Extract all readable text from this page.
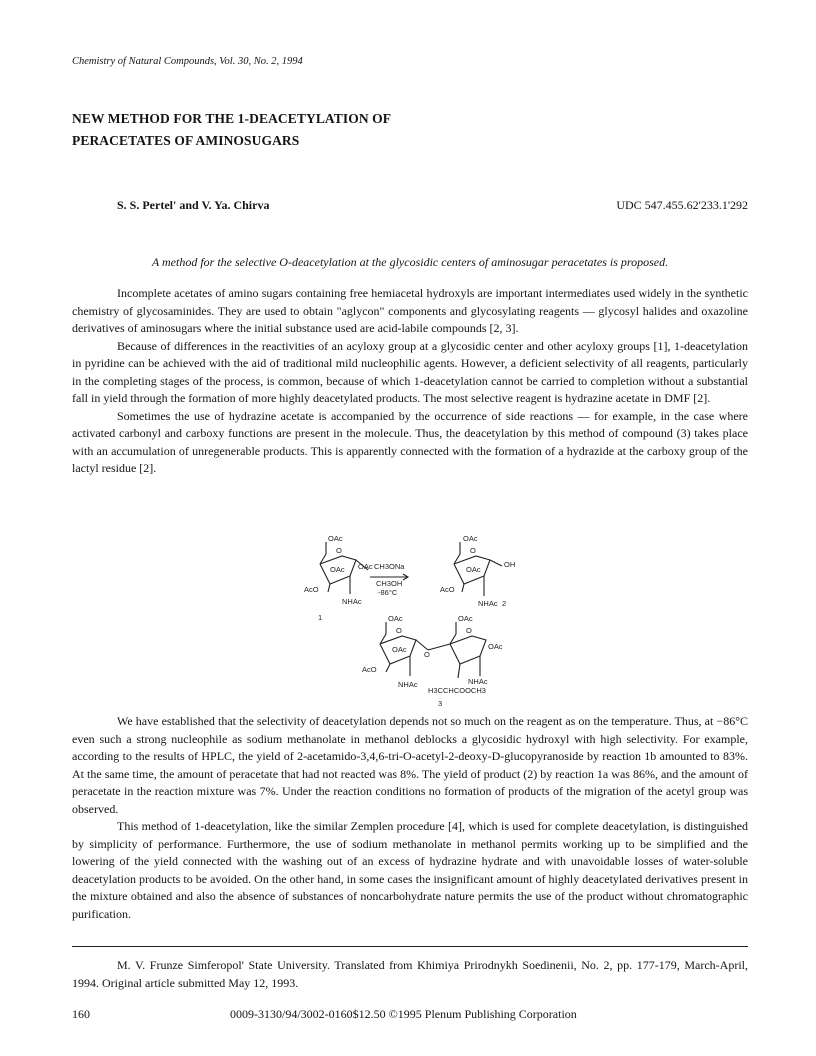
Chemistry of Natural Compounds, Vol. 30, No. 2, 1994
NEW METHOD FOR THE 1-DEACETYLATION OF
PERACETATES OF AMINOSUGARS
S. S. Pertel' and V. Ya. Chirva	UDC 547.455.62'233.1'292
A method for the selective O-deacetylation at the glycosidic centers of aminosugar peracetates is proposed.

Incomplete acetates of amino sugars containing free hemiacetal hydroxyls are important intermediates used widely in the synthetic chemistry of glycosaminides. They are used to obtain "aglycon" components and glycosylating reagents — glycosyl halides and oxazoline derivatives of aminosugars where the initial substance used are acid-labile compounds [2, 3].

Because of differences in the reactivities of an acyloxy group at a glycosidic center and other acyloxy groups [1], 1-deacetylation in pyridine can be achieved with the aid of traditional mild nucleophilic agents. However, a deficient selectivity of all reagents, particularly in the completing stages of the process, is common, because of which 1-deacetylation cannot be carried to completion without a substantial fall in yield through the formation of more highly deacetylated products. The most selective reagent is hydrazine acetate in DMF [2].

Sometimes the use of hydrazine acetate is accompanied by the occurrence of side reactions — for example, in the case where activated carbonyl and carboxy functions are present in the molecule. Thus, the deacetylation by this method of compound (3) takes place with an accumulation of unregenerable products. This is apparently connected with the formation of a hydrazide at the carboxy group of the lactyl residue [2].

OAc
O
OAc OAc
AcO
NHAc
1
CH3ONa
CH3OH
-86°C
OAc
O
OAc
OH
AcO
NHAc 2
OAc
O
OAc
AcO
NHAc
O
OAc
O
OAc
NHAc
H3CCHCOOCH3
3

We have established that the selectivity of deacetylation depends not so much on the reagent as on the temperature. Thus, at −86°C even such a strong nucleophile as sodium methanolate in methanol deblocks a glycosidic hydroxyl with high selectivity. For example, according to the results of HPLC, the yield of 2-acetamido-3,4,6-tri-O-acetyl-2-deoxy-D-glucopyranoside by reaction 1b amounted to 83%. At the same time, the amount of peracetate that had not reacted was 8%. The yield of product (2) by reaction 1a was 86%, and the amount of peracetate in the reaction mixture was 7%. Under the reaction conditions no formation of products of the migration of the acetyl group was observed.

This method of 1-deacetylation, like the similar Zemplen procedure [4], which is used for complete deacetylation, is distinguished by simplicity of performance. Furthermore, the use of sodium methanolate in methanol permits working up to be simplified and the lowering of the yield connected with the washing out of an excess of hydrazine hydrate and with unavoidable losses of water-soluble deacetylation products to be avoided. On the other hand, in some cases the insignificant amount of highly deacetylated derivatives present in the mixture obtained and also the absence of substances of noncarbohydrate nature permits the use of the product without chromatographic purification.

M. V. Frunze Simferopol' State University. Translated from Khimiya Prirodnykh Soedinenii, No. 2, pp. 177-179, March-April, 1994. Original article submitted May 12, 1993.

160	0009-3130/94/3002-0160$12.50 ©1995 Plenum Publishing Corporation
